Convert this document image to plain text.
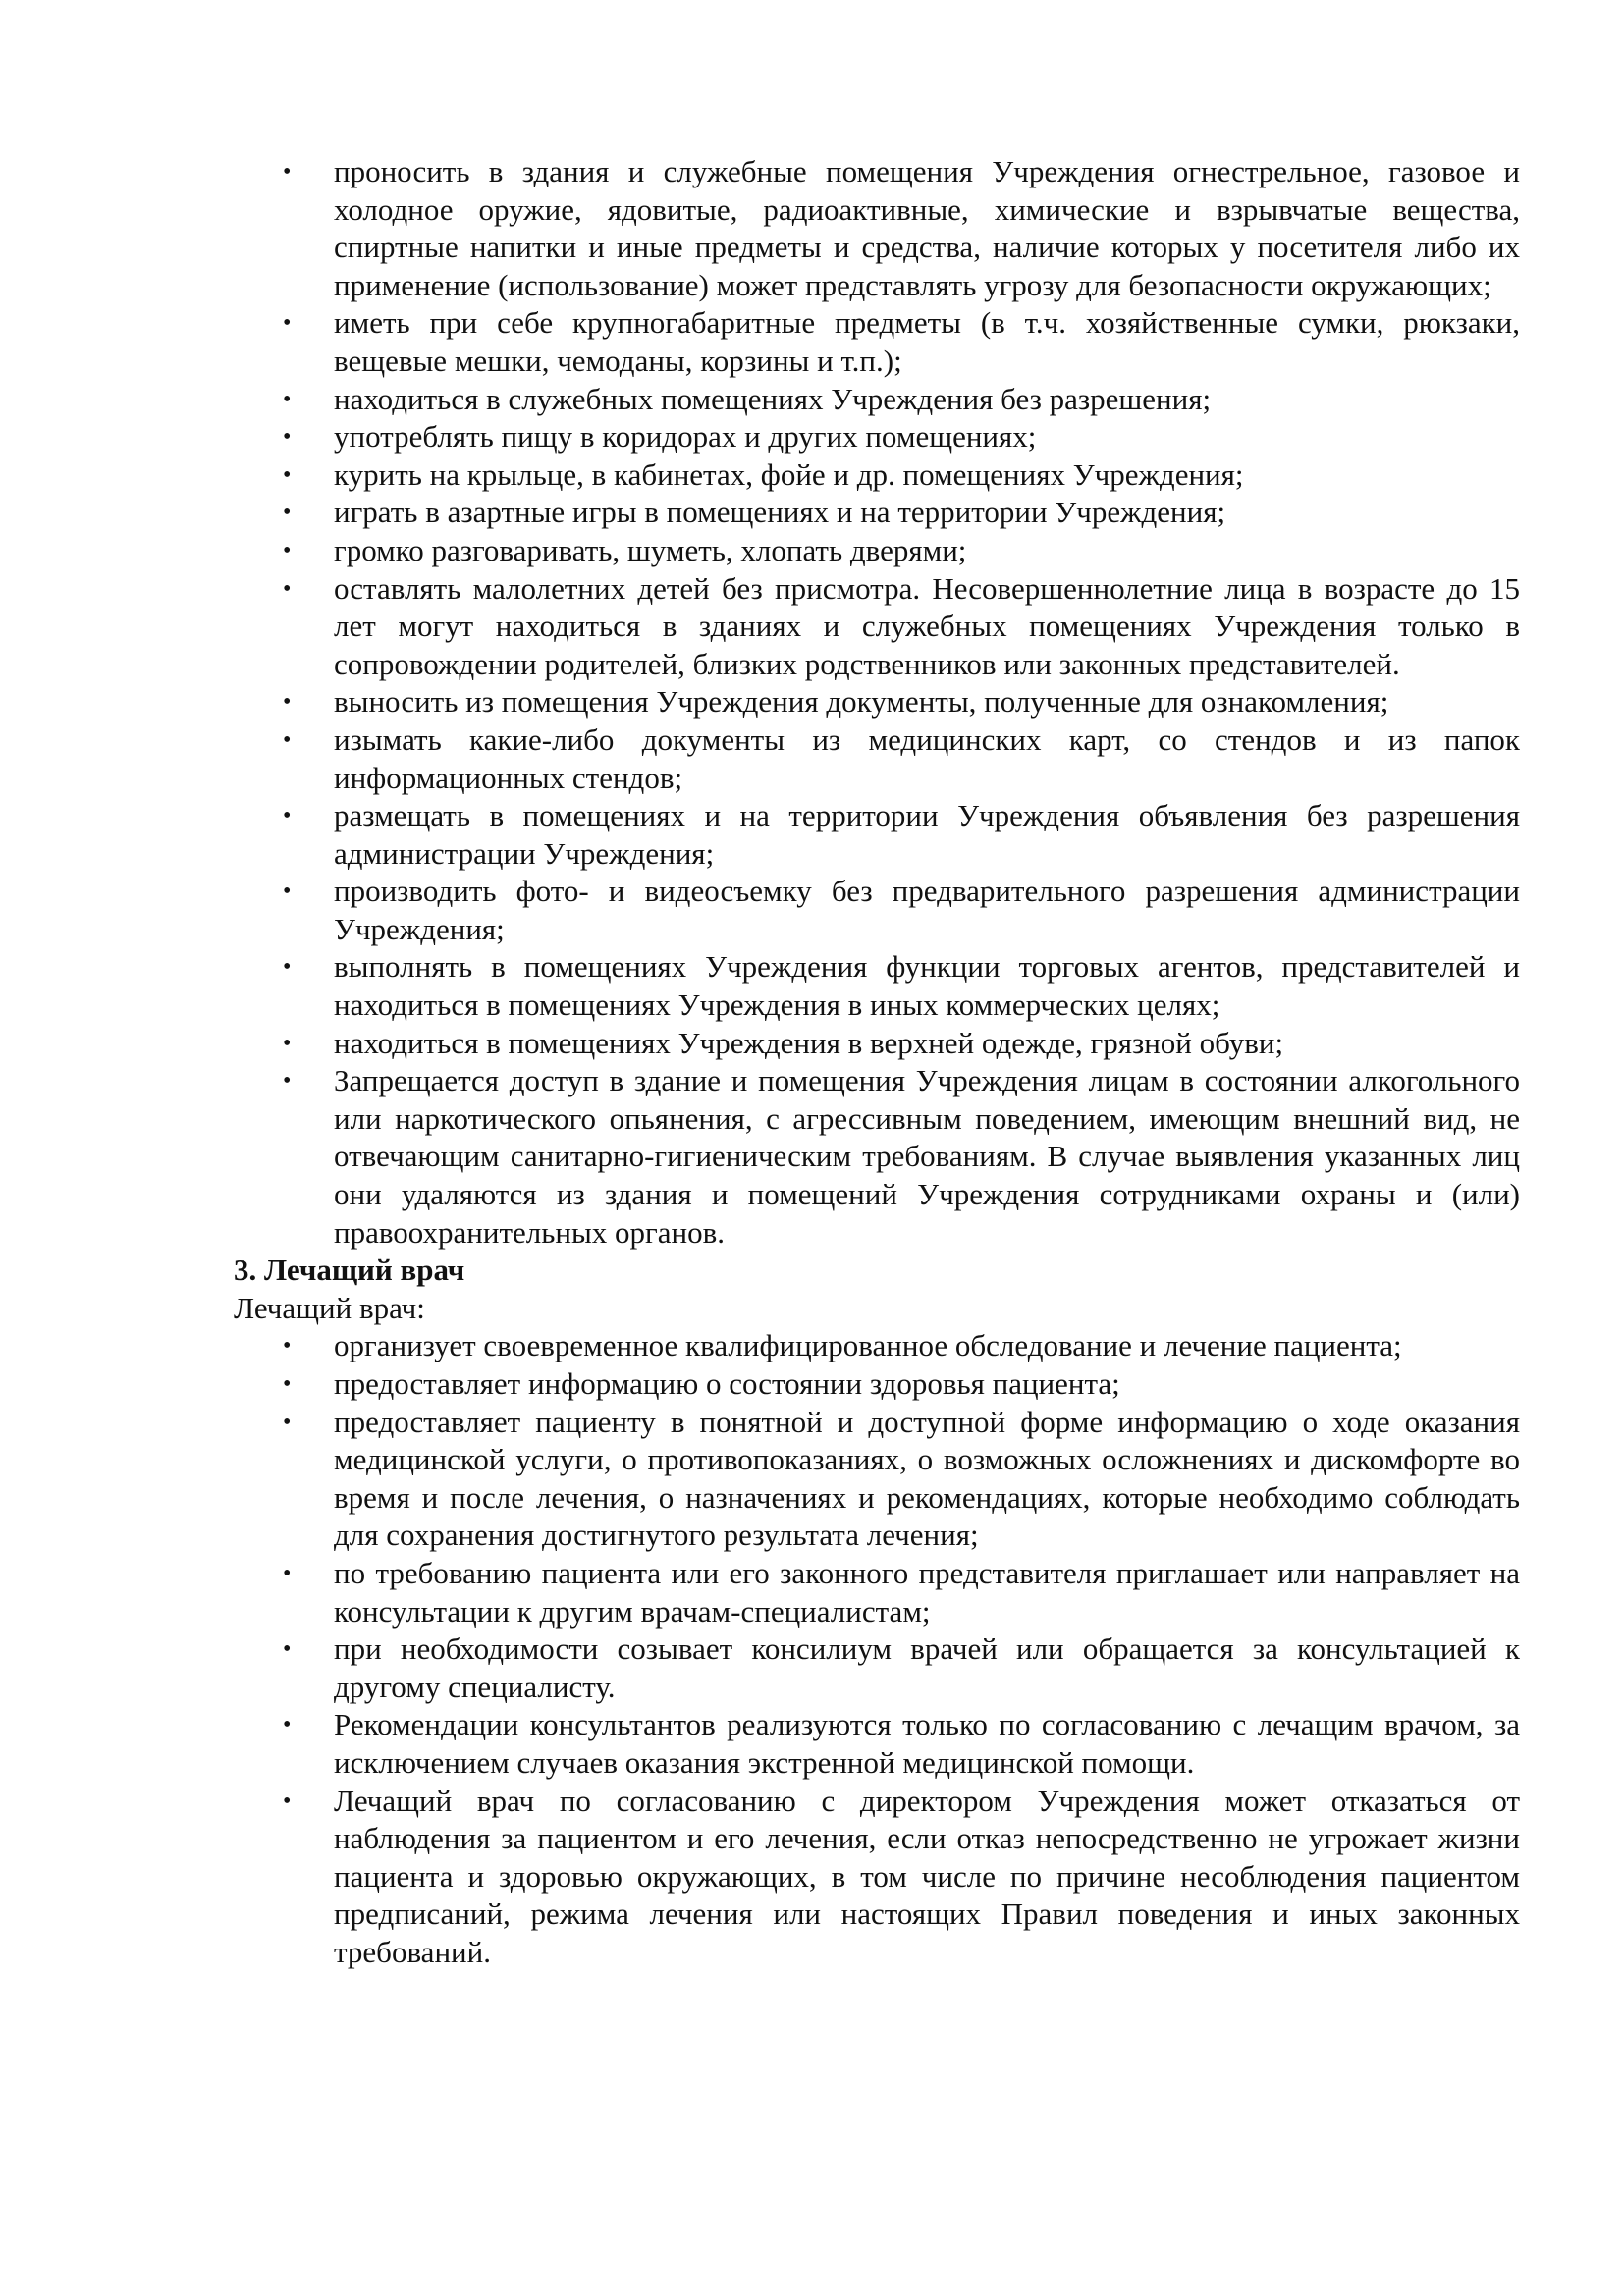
• проносить в здания и служебные помещения Учреждения огнестрельное, газовое и холодное оружие, ядовитые, радиоактивные, химические и взрывчатые вещества, спиртные напитки и иные предметы и средства, наличие которых у посетителя либо их применение (использование) может представлять угрозу для безопасности окружающих;
• иметь при себе крупногабаритные предметы (в т.ч. хозяйственные сумки, рюкзаки, вещевые мешки, чемоданы, корзины и т.п.);
• находиться в служебных помещениях Учреждения без разрешения;
• употреблять пищу в коридорах и других помещениях;
• курить на крыльце, в кабинетах, фойе и др. помещениях Учреждения;
• играть в азартные игры в помещениях и на территории Учреждения;
• громко разговаривать, шуметь, хлопать дверями;
• оставлять малолетних детей без присмотра. Несовершеннолетние лица в возрасте до 15 лет могут находиться в зданиях и служебных помещениях Учреждения только в сопровождении родителей, близких родственников или законных представителей.
• выносить из помещения Учреждения документы, полученные для ознакомления;
• изымать какие-либо документы из медицинских карт, со стендов и из папок информационных стендов;
• размещать в помещениях и на территории Учреждения объявления без разрешения администрации Учреждения;
• производить фото- и видеосъемку без предварительного разрешения администрации Учреждения;
• выполнять в помещениях Учреждения функции торговых агентов, представителей и находиться в помещениях Учреждения в иных коммерческих целях;
• находиться в помещениях Учреждения в верхней одежде, грязной обуви;
• Запрещается доступ в здание и помещения Учреждения лицам в состоянии алкогольного или наркотического опьянения, с агрессивным поведением, имеющим внешний вид, не отвечающим санитарно-гигиеническим требованиям. В случае выявления указанных лиц они удаляются из здания и помещений Учреждения сотрудниками охраны и (или) правоохранительных органов.

3. Лечащий врач

Лечащий врач:

• организует своевременное квалифицированное обследование и лечение пациента;
• предоставляет информацию о состоянии здоровья пациента;
• предоставляет пациенту в понятной и доступной форме информацию о ходе оказания медицинской услуги, о противопоказаниях, о возможных осложнениях и дискомфорте во время и после лечения, о назначениях и рекомендациях, которые необходимо соблюдать для сохранения достигнутого результата лечения;
• по требованию пациента или его законного представителя приглашает или направляет на консультации к другим врачам-специалистам;
• при необходимости созывает консилиум врачей или обращается за консультацией к другому специалисту.
• Рекомендации консультантов реализуются только по согласованию с лечащим врачом, за исключением случаев оказания экстренной медицинской помощи.
• Лечащий врач по согласованию с директором Учреждения может отказаться от наблюдения за пациентом и его лечения, если отказ непосредственно не угрожает жизни пациента и здоровью окружающих, в том числе по причине несоблюдения пациентом предписаний, режима лечения или настоящих Правил поведения и иных законных требований.
